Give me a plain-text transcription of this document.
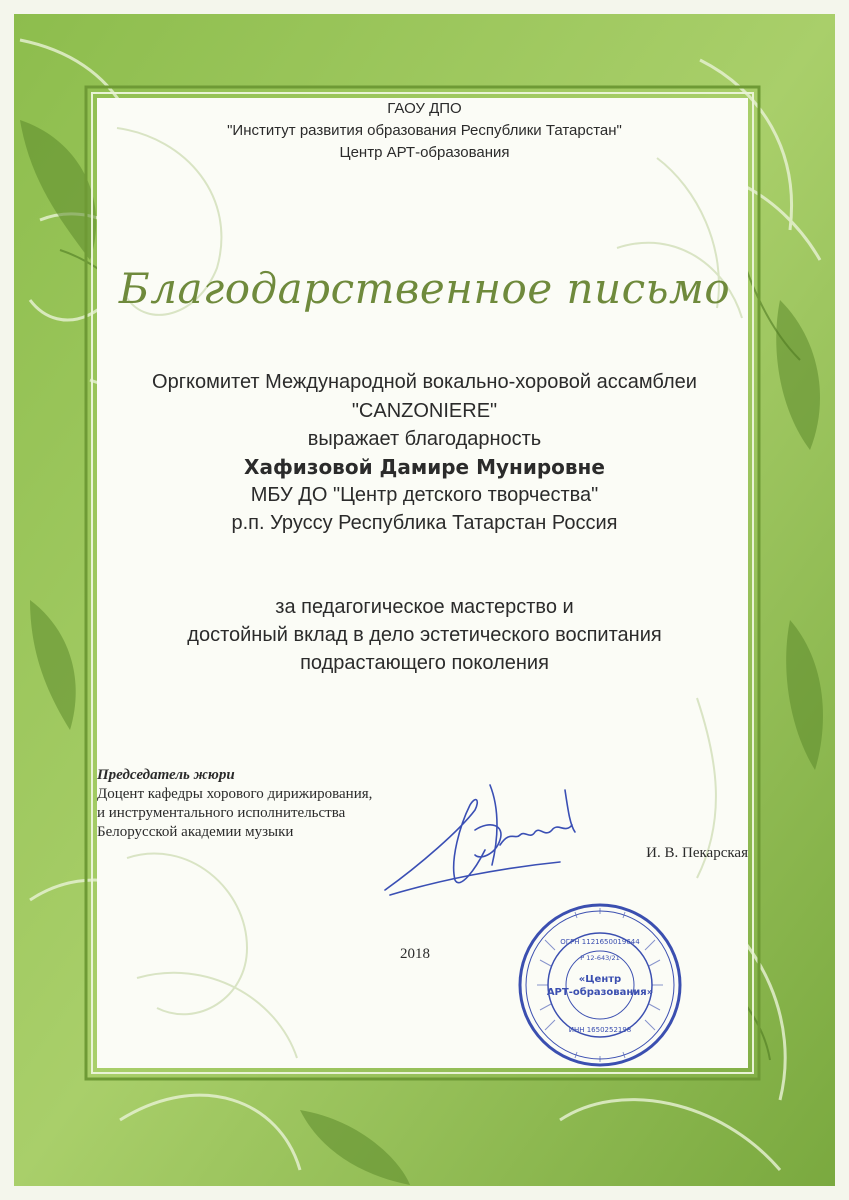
ГАОУ ДПО
"Институт развития образования Республики Татарстан"
Центр АРТ-образования
Благодарственное письмо
Оргкомитет Международной вокально-хоровой ассамблеи
"CANZONIERE"
выражает благодарность
Хафизовой Дамире Мунировне
МБУ ДО "Центр детского творчества"
р.п. Уруссу Республика Татарстан Россия
за педагогическое мастерство и
достойный вклад в дело эстетического воспитания
подрастающего поколения
Председатель жюри
Доцент кафедры хорового дирижирования,
и инструментального исполнительства
Белорусской академии музыки
И. В. Пекарская
2018
«Центр
АРТ-образования»
ОГРН 1121650019644
ИНН 1650252198
Р 12-643/21
